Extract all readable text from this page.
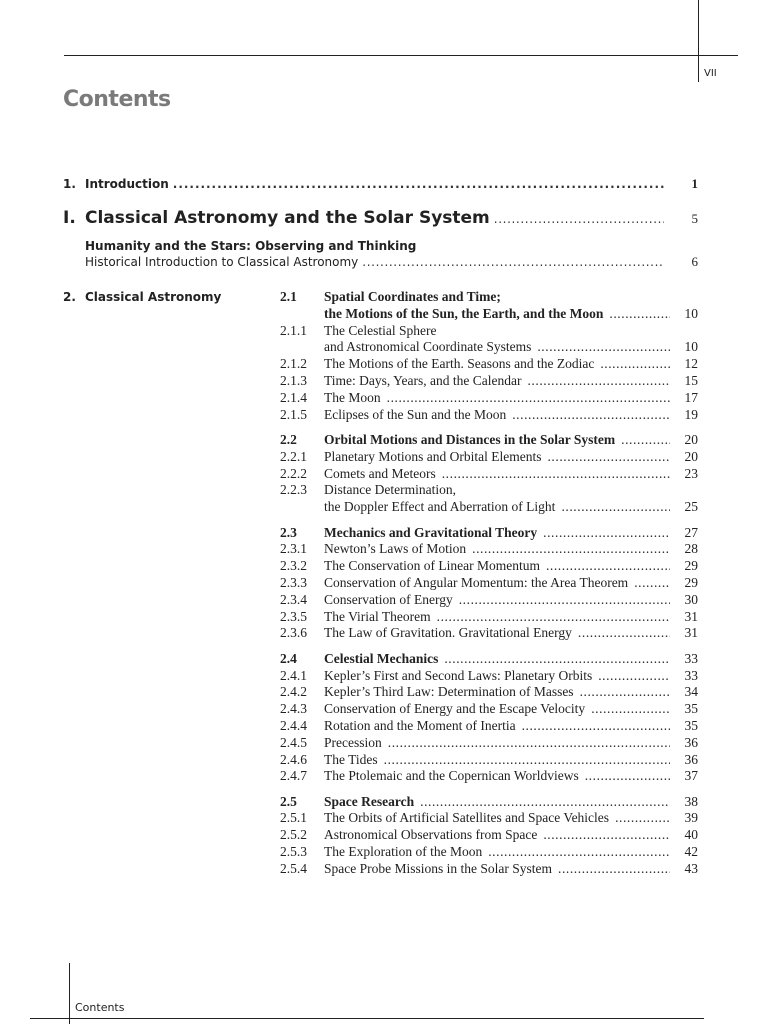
VII
Contents
1. Introduction . . .	1
I. Classical Astronomy and the Solar System . . .	5
Humanity and the Stars: Observing and Thinking
Historical Introduction to Classical Astronomy . . .	6
2. Classical Astronomy	2.1	Spatial Coordinates and Time;
the Motions of the Sun, the Earth, and the Moon . . .	10
2.1.1	The Celestial Sphere
and Astronomical Coordinate Systems . . .	10
2.1.2	The Motions of the Earth. Seasons and the Zodiac . . .	12
2.1.3	Time: Days, Years, and the Calendar . . .	15
2.1.4	The Moon . . .	17
2.1.5	Eclipses of the Sun and the Moon . . .	19
2.2	Orbital Motions and Distances in the Solar System . . .	20
2.2.1	Planetary Motions and Orbital Elements . . .	20
2.2.2	Comets and Meteors . . .	23
2.2.3	Distance Determination,
the Doppler Effect and Aberration of Light . . .	25
2.3	Mechanics and Gravitational Theory . . .	27
2.3.1	Newton’s Laws of Motion . . .	28
2.3.2	The Conservation of Linear Momentum . . .	29
2.3.3	Conservation of Angular Momentum: the Area Theorem . . .	29
2.3.4	Conservation of Energy . . .	30
2.3.5	The Virial Theorem . . .	31
2.3.6	The Law of Gravitation. Gravitational Energy . . .	31
2.4	Celestial Mechanics . . .	33
2.4.1	Kepler’s First and Second Laws: Planetary Orbits . . .	33
2.4.2	Kepler’s Third Law: Determination of Masses . . .	34
2.4.3	Conservation of Energy and the Escape Velocity . . .	35
2.4.4	Rotation and the Moment of Inertia . . .	35
2.4.5	Precession . . .	36
2.4.6	The Tides . . .	36
2.4.7	The Ptolemaic and the Copernican Worldviews . . .	37
2.5	Space Research . . .	38
2.5.1	The Orbits of Artificial Satellites and Space Vehicles . . .	39
2.5.2	Astronomical Observations from Space . . .	40
2.5.3	The Exploration of the Moon . . .	42
2.5.4	Space Probe Missions in the Solar System . . .	43
Contents
